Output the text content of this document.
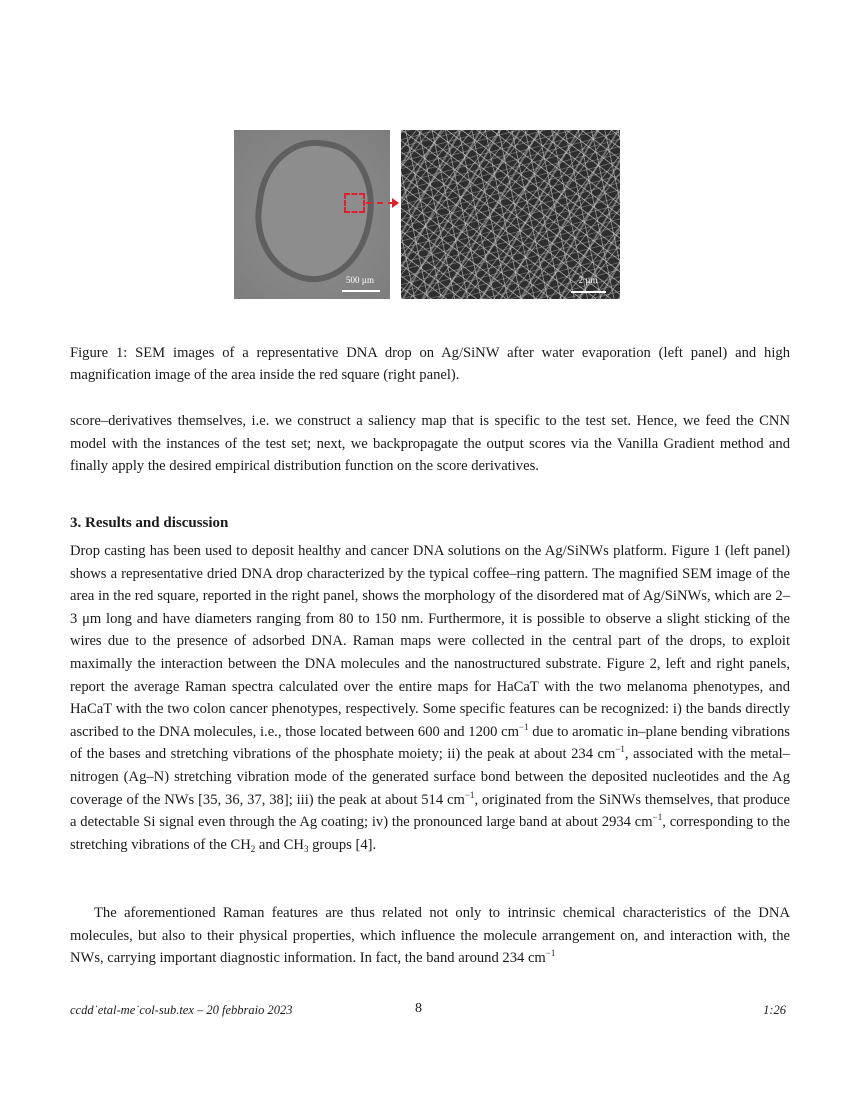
500 µm	2 µm
Figure 1: SEM images of a representative DNA drop on Ag/SiNW after water evaporation (left panel) and high magnification image of the area inside the red square (right panel).
score–derivatives themselves, i.e. we construct a saliency map that is specific to the test set. Hence, we feed the CNN model with the instances of the test set; next, we backpropagate the output scores via the Vanilla Gradient method and finally apply the desired empirical distribution function on the score derivatives.
3. Results and discussion
Drop casting has been used to deposit healthy and cancer DNA solutions on the Ag/SiNWs platform. Figure 1 (left panel) shows a representative dried DNA drop characterized by the typical coffee–ring pattern. The magnified SEM image of the area in the red square, reported in the right panel, shows the morphology of the disordered mat of Ag/SiNWs, which are 2–3 μm long and have diameters ranging from 80 to 150 nm. Furthermore, it is possible to observe a slight sticking of the wires due to the presence of adsorbed DNA. Raman maps were collected in the central part of the drops, to exploit maximally the interaction between the DNA molecules and the nanostructured substrate. Figure 2, left and right panels, report the average Raman spectra calculated over the entire maps for HaCaT with the two melanoma phenotypes, and HaCaT with the two colon cancer phenotypes, respectively. Some specific features can be recognized: i) the bands directly ascribed to the DNA molecules, i.e., those located between 600 and 1200 $cm^{-1}$ due to aromatic in–plane bending vibrations of the bases and stretching vibrations of the phosphate moiety; ii) the peak at about 234 $cm^{-1}$, associated with the metal–nitrogen (Ag–N) stretching vibration mode of the generated surface bond between the deposited nucleotides and the Ag coverage of the NWs [35, 36, 37, 38]; iii) the peak at about 514 $cm^{-1}$, originated from the SiNWs themselves, that produce a detectable Si signal even through the Ag coating; iv) the pronounced large band at about 2934 $cm^{-1}$, corresponding to the stretching vibrations of the $CH_2$ and $CH_3$ groups [4].
The aforementioned Raman features are thus related not only to intrinsic chemical characteristics of the DNA molecules, but also to their physical properties, which influence the molecule arrangement on, and interaction with, the NWs, carrying important diagnostic information. In fact, the band around 234 $cm^{-1}$
ccdd˙etal-me˙col-sub.tex – 20 febbraio 2023	8	1:26
